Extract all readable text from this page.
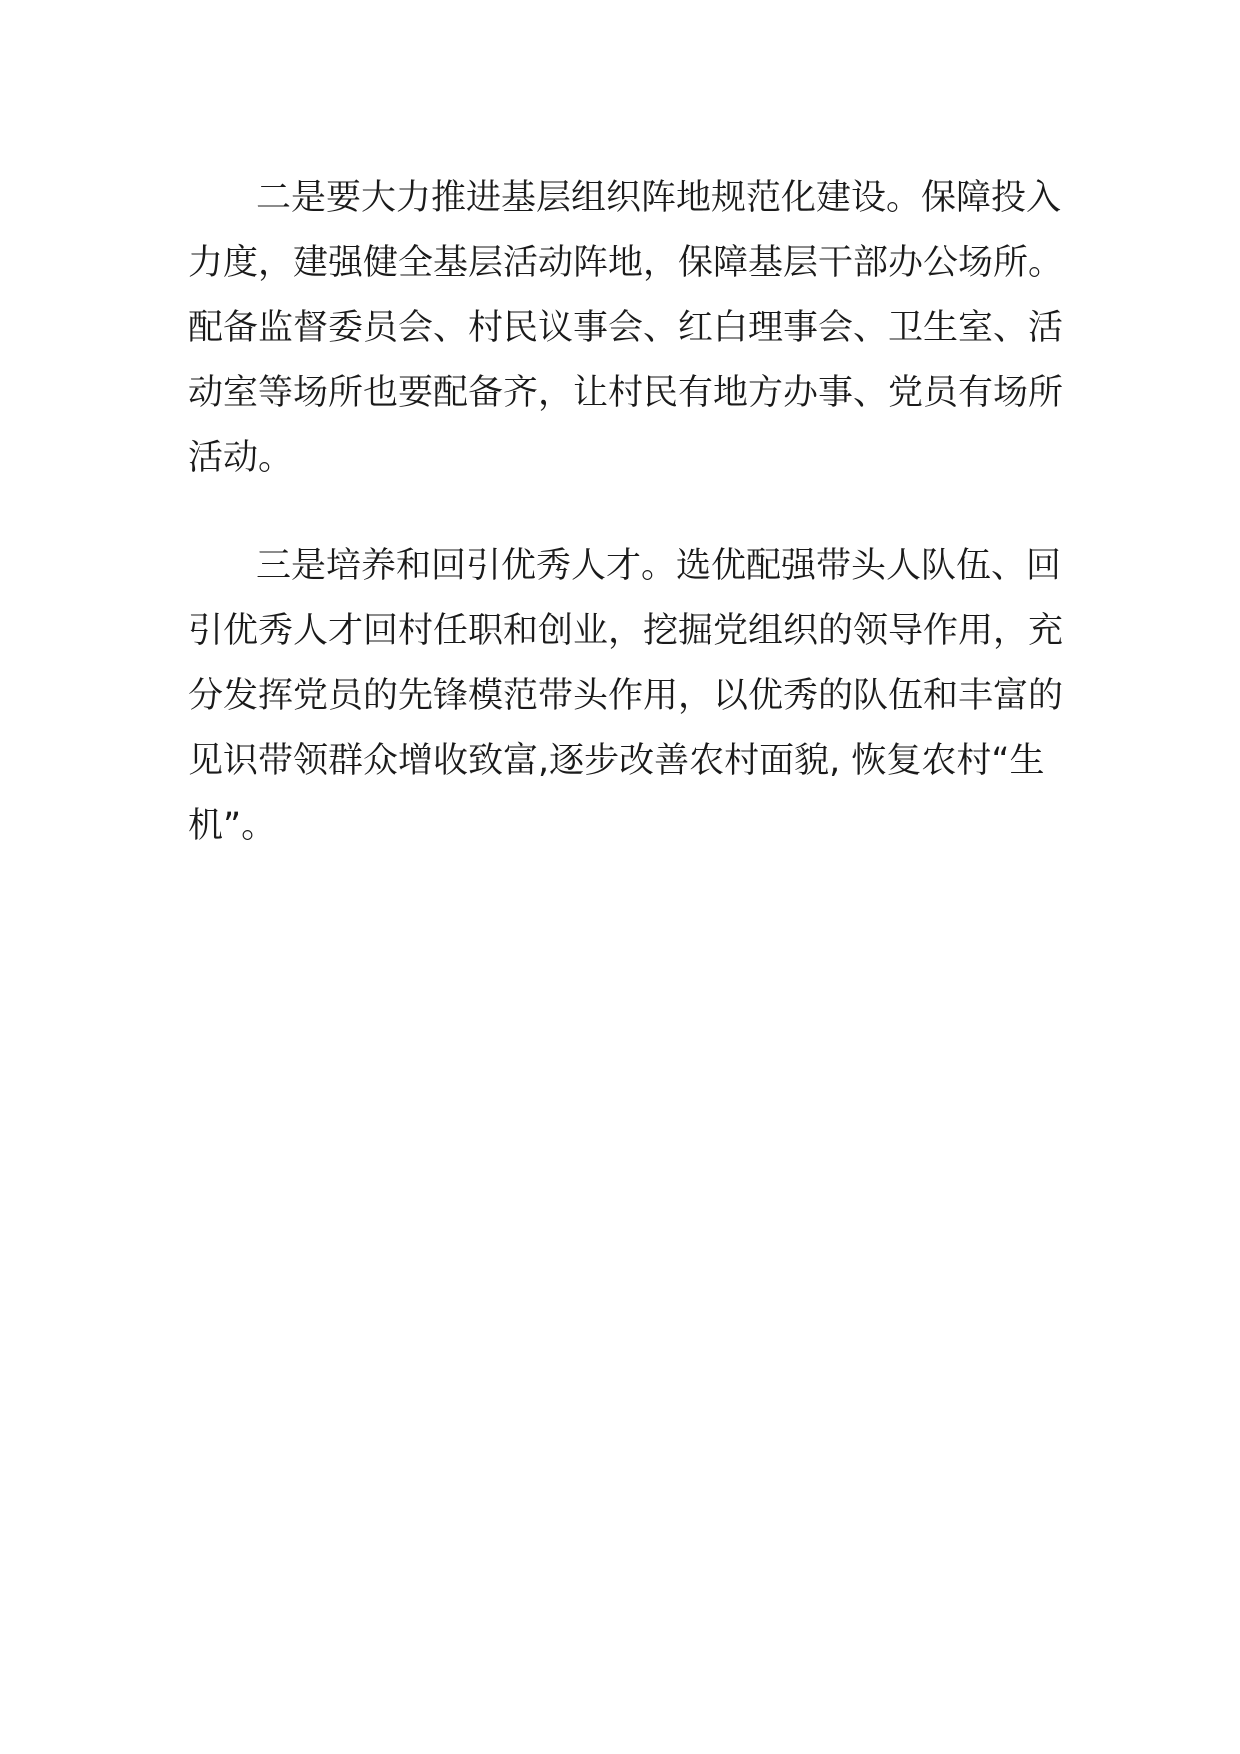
二是要大力推进基层组织阵地规范化建设。保障投入
力度，建强健全基层活动阵地，保障基层干部办公场所。
配备监督委员会、村民议事会、红白理事会、卫生室、活
动室等场所也要配备齐，让村民有地方办事、党员有场所
活动。
三是培养和回引优秀人才。选优配强带头人队伍、回
引优秀人才回村任职和创业，挖掘党组织的领导作用，充
分发挥党员的先锋模范带头作用，以优秀的队伍和丰富的
见识带领群众增收致富,逐步改善农村面貌, 恢复农村“生
机”。
